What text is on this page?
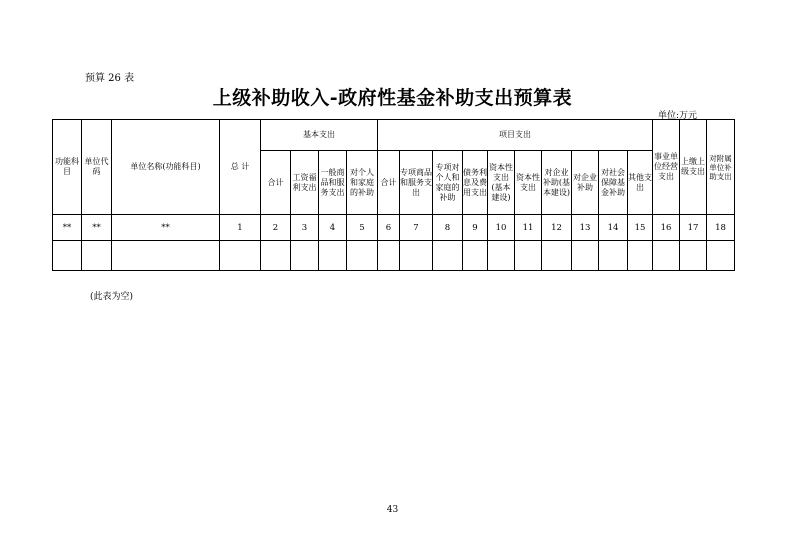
预算 26 表
上级补助收入-政府性基金补助支出预算表
单位:万元
功能科目	单位代码	单位名称(功能科目)	总 计	基本支出				项目支出										事业单位经营支出	上缴上级支出	对附属单位补助支出
				合计	工资福利支出	一般商品和服务支出	对个人和家庭的补助	合计	专项商品和服务支出	专项对个人和家庭的补助	债务利息及费用支出	资本性支出(基本建设)	资本性支出	对企业补助(基本建设)	对企业补助	对社会保障基金补助	其他支出			
**	**	**	1	2	3	4	5	6	7	8	9	10	11	12	13	14	15	16	17	18

(此表为空)
43
